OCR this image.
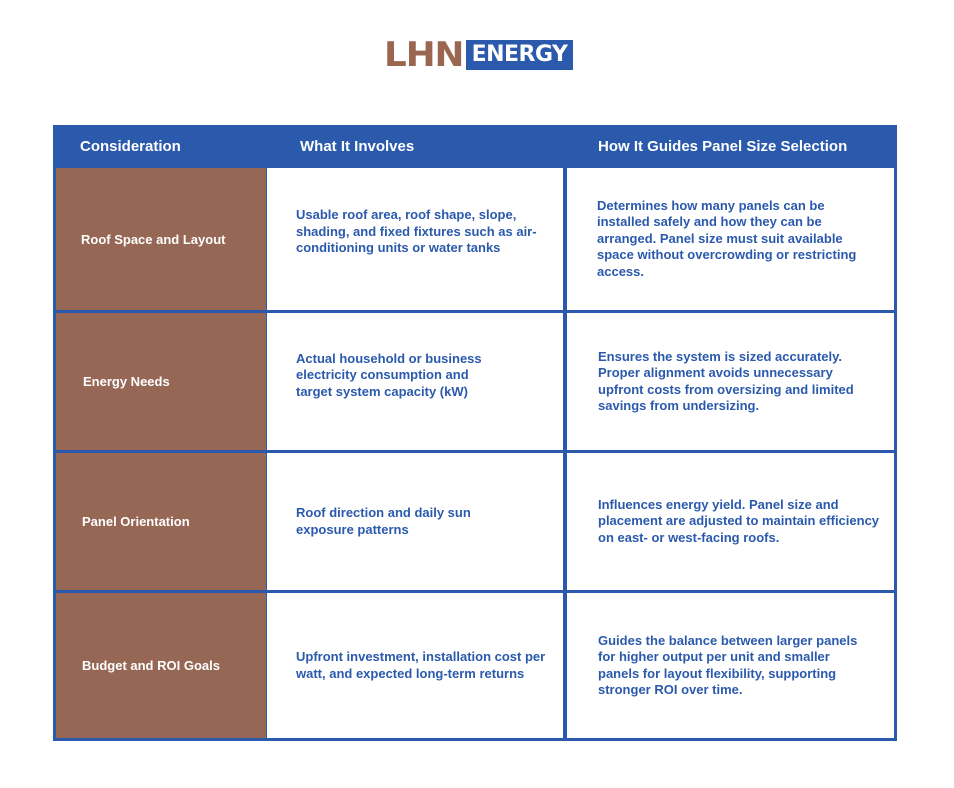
LHN ENERGY
Consideration	What It Involves	How It Guides Panel Size Selection
Roof Space and Layout
Usable roof area, roof shape, slope, shading, and fixed fixtures such as air-conditioning units or water tanks
Determines how many panels can be installed safely and how they can be arranged. Panel size must suit available space without overcrowding or restricting access.
Energy Needs
Actual household or business electricity consumption and target system capacity (kW)
Ensures the system is sized accurately. Proper alignment avoids unnecessary upfront costs from oversizing and limited savings from undersizing.
Panel Orientation
Roof direction and daily sun exposure patterns
Influences energy yield. Panel size and placement are adjusted to maintain efficiency on east- or west-facing roofs.
Budget and ROI Goals
Upfront investment, installation cost per watt, and expected long-term returns
Guides the balance between larger panels for higher output per unit and smaller panels for layout flexibility, supporting stronger ROI over time.
